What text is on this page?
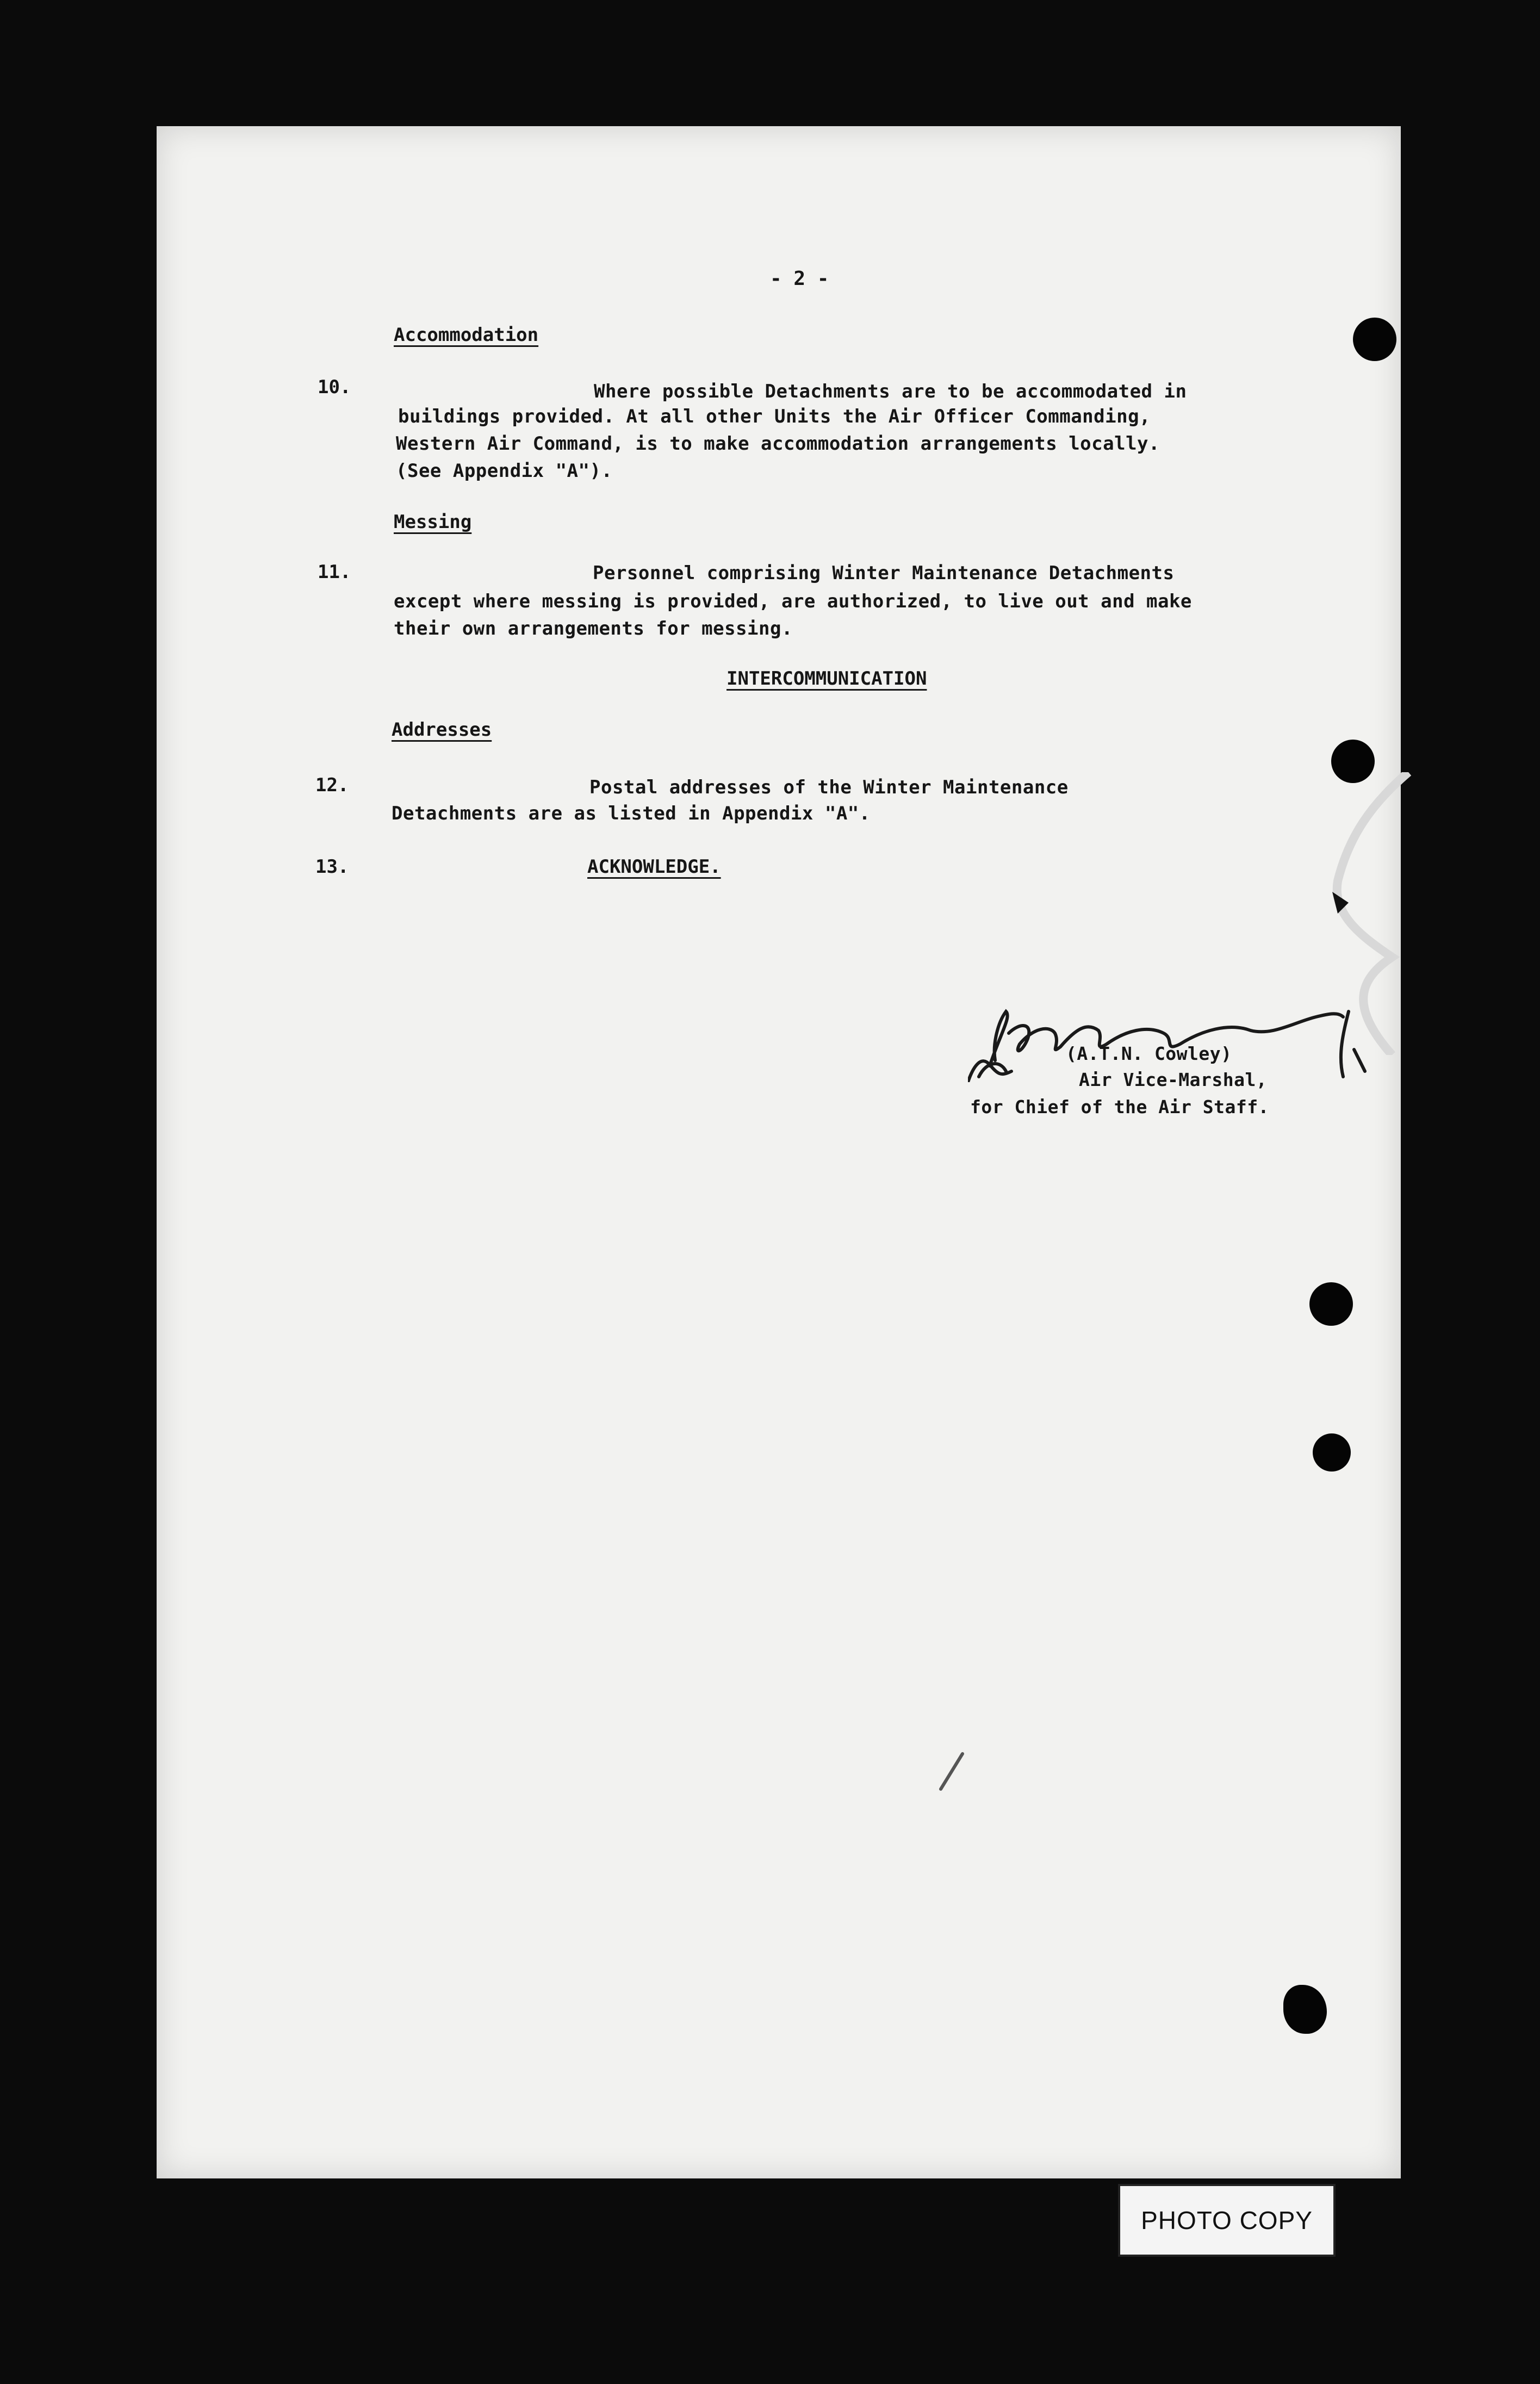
- 2 -
Accommodation
10.	Where possible Detachments are to be accommodated in
buildings provided. At all other Units the Air Officer Commanding,
Western Air Command, is to make accommodation arrangements locally.
(See Appendix "A").
Messing
11.	Personnel comprising Winter Maintenance Detachments
except where messing is provided, are authorized, to live out and make
their own arrangements for messing.
INTERCOMMUNICATION
Addresses
12.	Postal addresses of the Winter Maintenance
Detachments are as listed in Appendix "A".
13.	ACKNOWLEDGE.
(A.T.N. Cowley)
Air Vice-Marshal,
for Chief of the Air Staff.
PHOTO COPY
